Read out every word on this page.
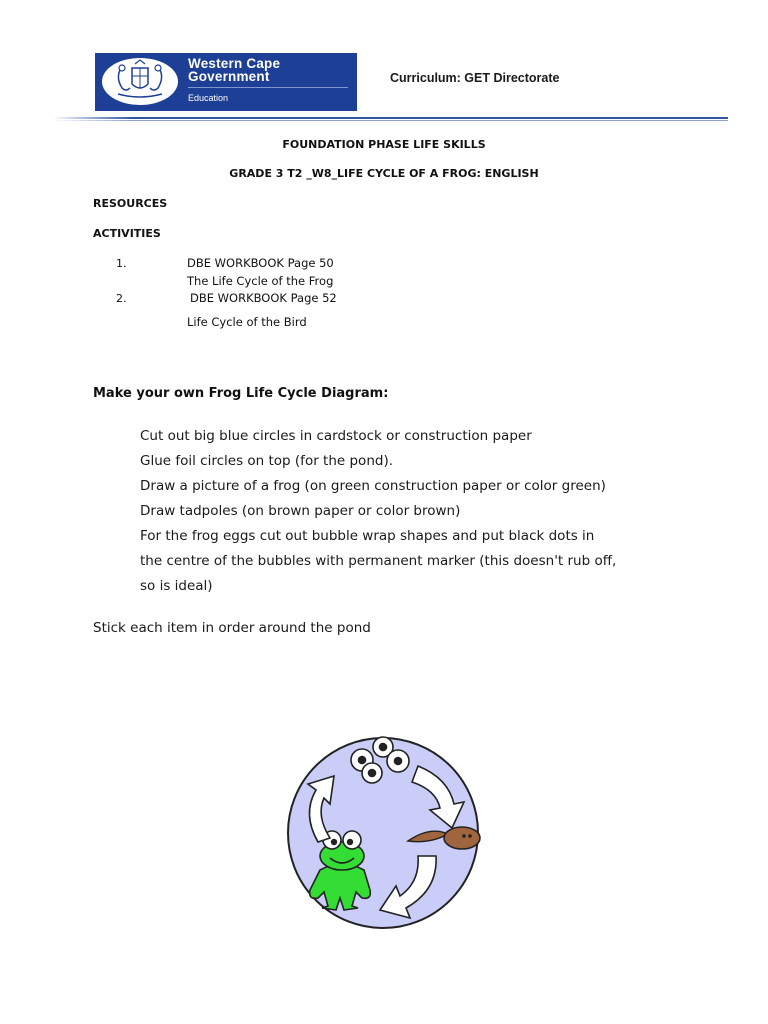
Western Cape
Government
Education
Curriculum: GET Directorate
FOUNDATION PHASE LIFE SKILLS
GRADE 3 T2 _W8_LIFE CYCLE OF A FROG: ENGLISH
RESOURCES
ACTIVITIES
1.	DBE WORKBOOK Page 50
The Life Cycle of the Frog
2.	DBE WORKBOOK Page 52
Life Cycle of the Bird
Make your own Frog Life Cycle Diagram:
Cut out big blue circles in cardstock or construction paper
Glue foil circles on top (for the pond).
Draw a picture of a frog (on green construction paper or color green)
Draw tadpoles (on brown paper or color brown)
For the frog eggs cut out bubble wrap shapes and put black dots in
the centre of the bubbles with permanent marker (this doesn't rub off,
so is ideal)
Stick each item in order around the pond
